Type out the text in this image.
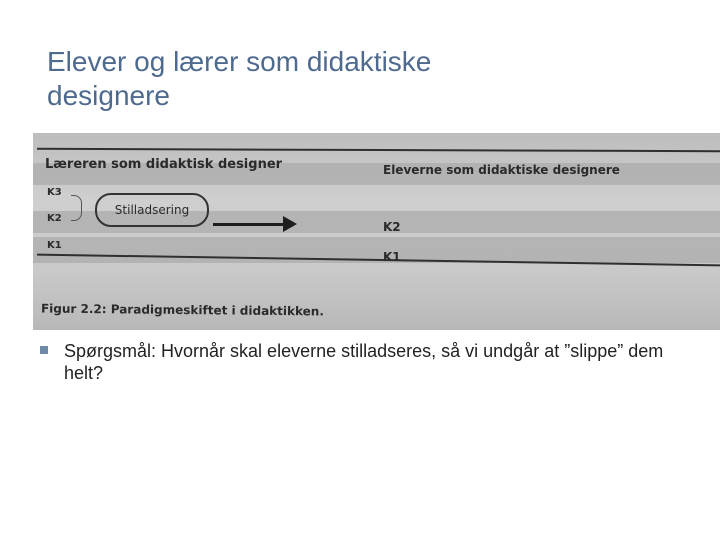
Elever og lærer som didaktiske
designere
Læreren som didaktisk designer	Eleverne som didaktiske designere
K3
K2
K1
Stilladsering
K2
K1
Figur 2.2: Paradigmeskiftet i didaktikken.
Spørgsmål: Hvornår skal eleverne stilladseres, så vi undgår at ”slippe” dem helt?
